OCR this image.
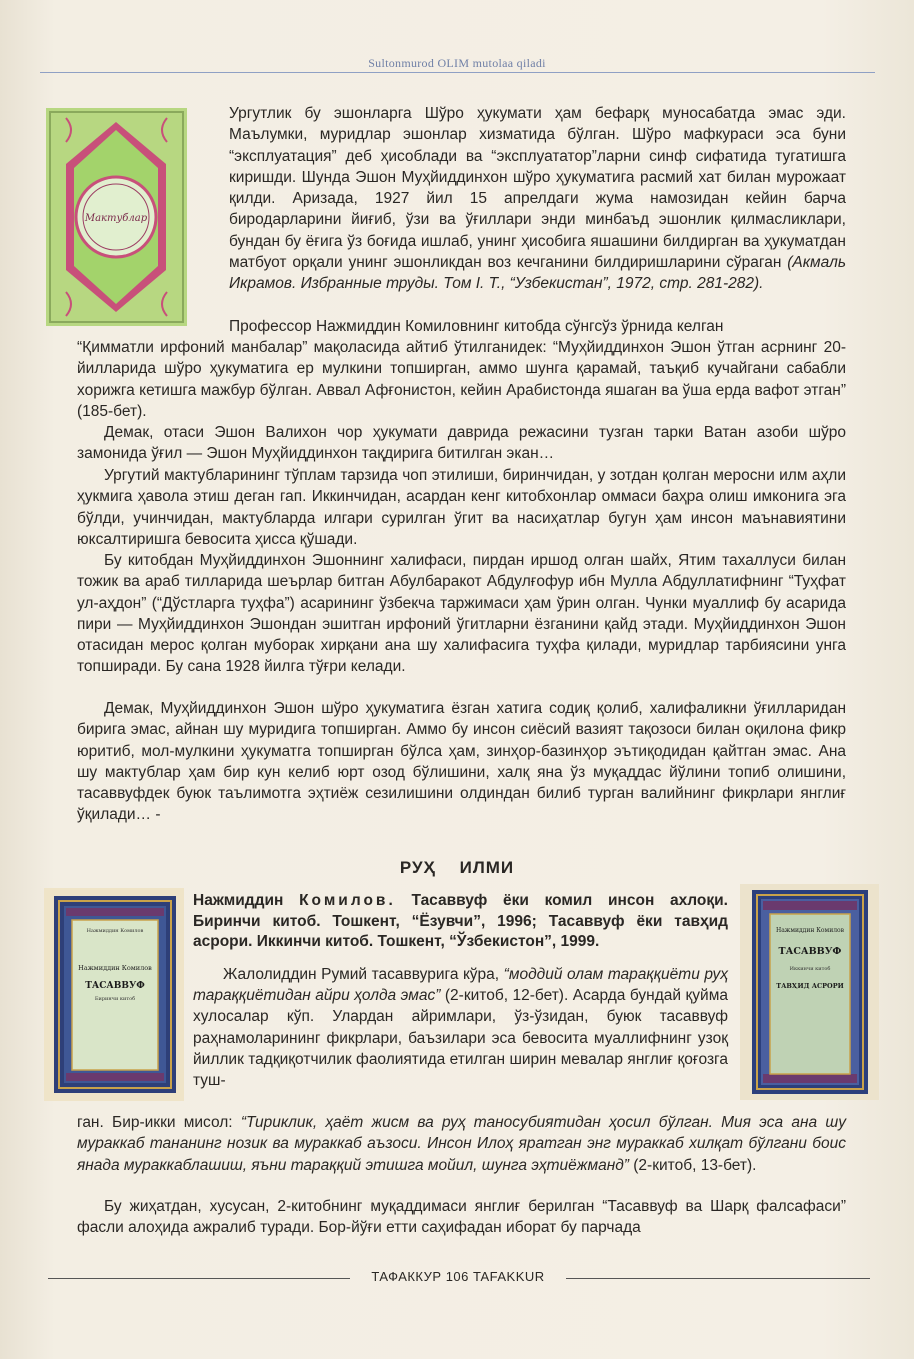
Sultonmurod OLIM mutolaa qiladi
Мактублар

Ургутлик бу эшонларга Шўро ҳукумати ҳам бефарқ муносабатда эмас эди. Маълумки, муридлар эшонлар хизматида бўлган. Шўро мафкураси эса буни “эксплуатация” деб ҳисоблади ва “эксплуататор”ларни синф сифатида тугатишга киришди. Шунда Эшон Муҳйиддинхон шўро ҳукуматига расмий хат билан мурожаат қилди. Аризада, 1927 йил 15 апрелдаги жума намозидан кейин барча биродарларини йиғиб, ўзи ва ўғиллари энди минбаъд эшонлик қилмасликлари, бундан бу ёғига ўз боғида ишлаб, унинг ҳисобига яшашини билдирган ва ҳукуматдан матбуот орқали унинг эшонликдан воз кечганини билдиришларини сўраган (Акмаль Икрамов. Избранные труды. Том I. Т., “Узбекистан”, 1972, стр. 281-282).

Профессор Нажмиддин Комиловнинг китобда сўнгсўз ўрнида келган

“Қимматли ирфоний манбалар” мақоласида айтиб ўтилганидек: “Муҳйиддинхон Эшон ўтган асрнинг 20-йилларида шўро ҳукуматига ер мулкини топширган, аммо шунга қарамай, таъқиб кучайгани сабабли хорижга кетишга мажбур бўлган. Аввал Афғонистон, кейин Арабистонда яшаган ва ўша ерда вафот этган” (185-бет).

Демак, отаси Эшон Валихон чор ҳукумати даврида режасини тузган тарки Ватан азоби шўро замонида ўғил — Эшон Муҳйиддинхон тақдирига битилган экан…

Ургутий мактубларининг тўплам тарзида чоп этилиши, биринчидан, у зотдан қолган меросни илм аҳли ҳукмига ҳавола этиш деган гап. Иккинчидан, асардан кенг китобхонлар оммаси баҳра олиш имконига эга бўлди, учинчидан, мактубларда илгари сурилган ўгит ва насиҳатлар бугун ҳам инсон маънавиятини юксалтиришга бевосита ҳисса қўшади.

Бу китобдан Муҳйиддинхон Эшоннинг халифаси, пирдан иршод олган шайх, Ятим тахаллуси билан тожик ва араб тилларида шеърлар битган Абулбаракот Абдулғофур ибн Мулла Абдуллатифнинг “Туҳфат ул-аҳдон” (“Дўстларга туҳфа”) асарининг ўзбекча таржимаси ҳам ўрин олган. Чунки муаллиф бу асарида пири — Муҳйиддинхон Эшондан эшитган ирфоний ўгитларни ёзганини қайд этади. Муҳйиддинхон Эшон отасидан мерос қолган муборак хирқани ана шу халифасига туҳфа қилади, муридлар тарбиясини унга топширади. Бу сана 1928 йилга тўғри келади.

Демак, Муҳйиддинхон Эшон шўро ҳукуматига ёзган хатига содиқ қолиб, халифаликни ўғилларидан бирига эмас, айнан шу муридига топширган. Аммо бу инсон сиёсий вазият тақозоси билан оқилона фикр юритиб, мол-мулкини ҳукуматга топширган бўлса ҳам, зинҳор-базинҳор эътиқодидан қайтган эмас. Ана шу мактублар ҳам бир кун келиб юрт озод бўлишини, халқ яна ўз муқаддас йўлини топиб олишини, тасаввуфдек буюк таълимотга эҳтиёж сезилишини олдиндан билиб турган валийнинг фикрлари янглиғ ўқилади… -

РУҲ ИЛМИ
Нажмиддин Комилов
Нажмиддин Комилов
ТАСАВВУФ
Биринчи китоб
Нажмиддин Комилов
ТАСАВВУФ
Иккинчи китоб
ТАВҲИД АСРОРИ

Нажмиддин Комилов. Тасаввуф ёки комил инсон ахлоқи. Биринчи китоб. Тошкент, “Ёзувчи”, 1996; Тасаввуф ёки тавҳид асрори. Иккинчи китоб. Тошкент, “Ўзбекистон”, 1999.

Жалолиддин Румий тасаввурига кўра, “моддий олам тараққиёти руҳ тараққиётидан айри ҳолда эмас” (2-китоб, 12-бет). Асарда бундай қуйма хулосалар кўп. Улардан айримлари, ўз-ўзидан, буюк тасаввуф раҳнамоларининг фикрлари, баъзилари эса бевосита муаллифнинг узоқ йиллик тадқиқотчилик фаолиятида етилган ширин мевалар янглиғ қоғозга туш-

ган. Бир-икки мисол: “Тириклик, ҳаёт жисм ва руҳ таносубиятидан ҳосил бўлган. Мия эса ана шу мураккаб тананинг нозик ва мураккаб аъзоси. Инсон Илоҳ яратган энг мураккаб хилқат бўлгани боис янада мураккаблашиш, яъни тараққий этишга мойил, шунга эҳтиёжманд” (2-китоб, 13-бет).

Бу жиҳатдан, хусусан, 2-китобнинг муқаддимаси янглиғ берилган “Тасаввуф ва Шарқ фалсафаси” фасли алоҳида ажралиб туради. Бор-йўғи етти саҳифадан иборат бу парчада

ТАФАККУР 106 TAFAKKUR
